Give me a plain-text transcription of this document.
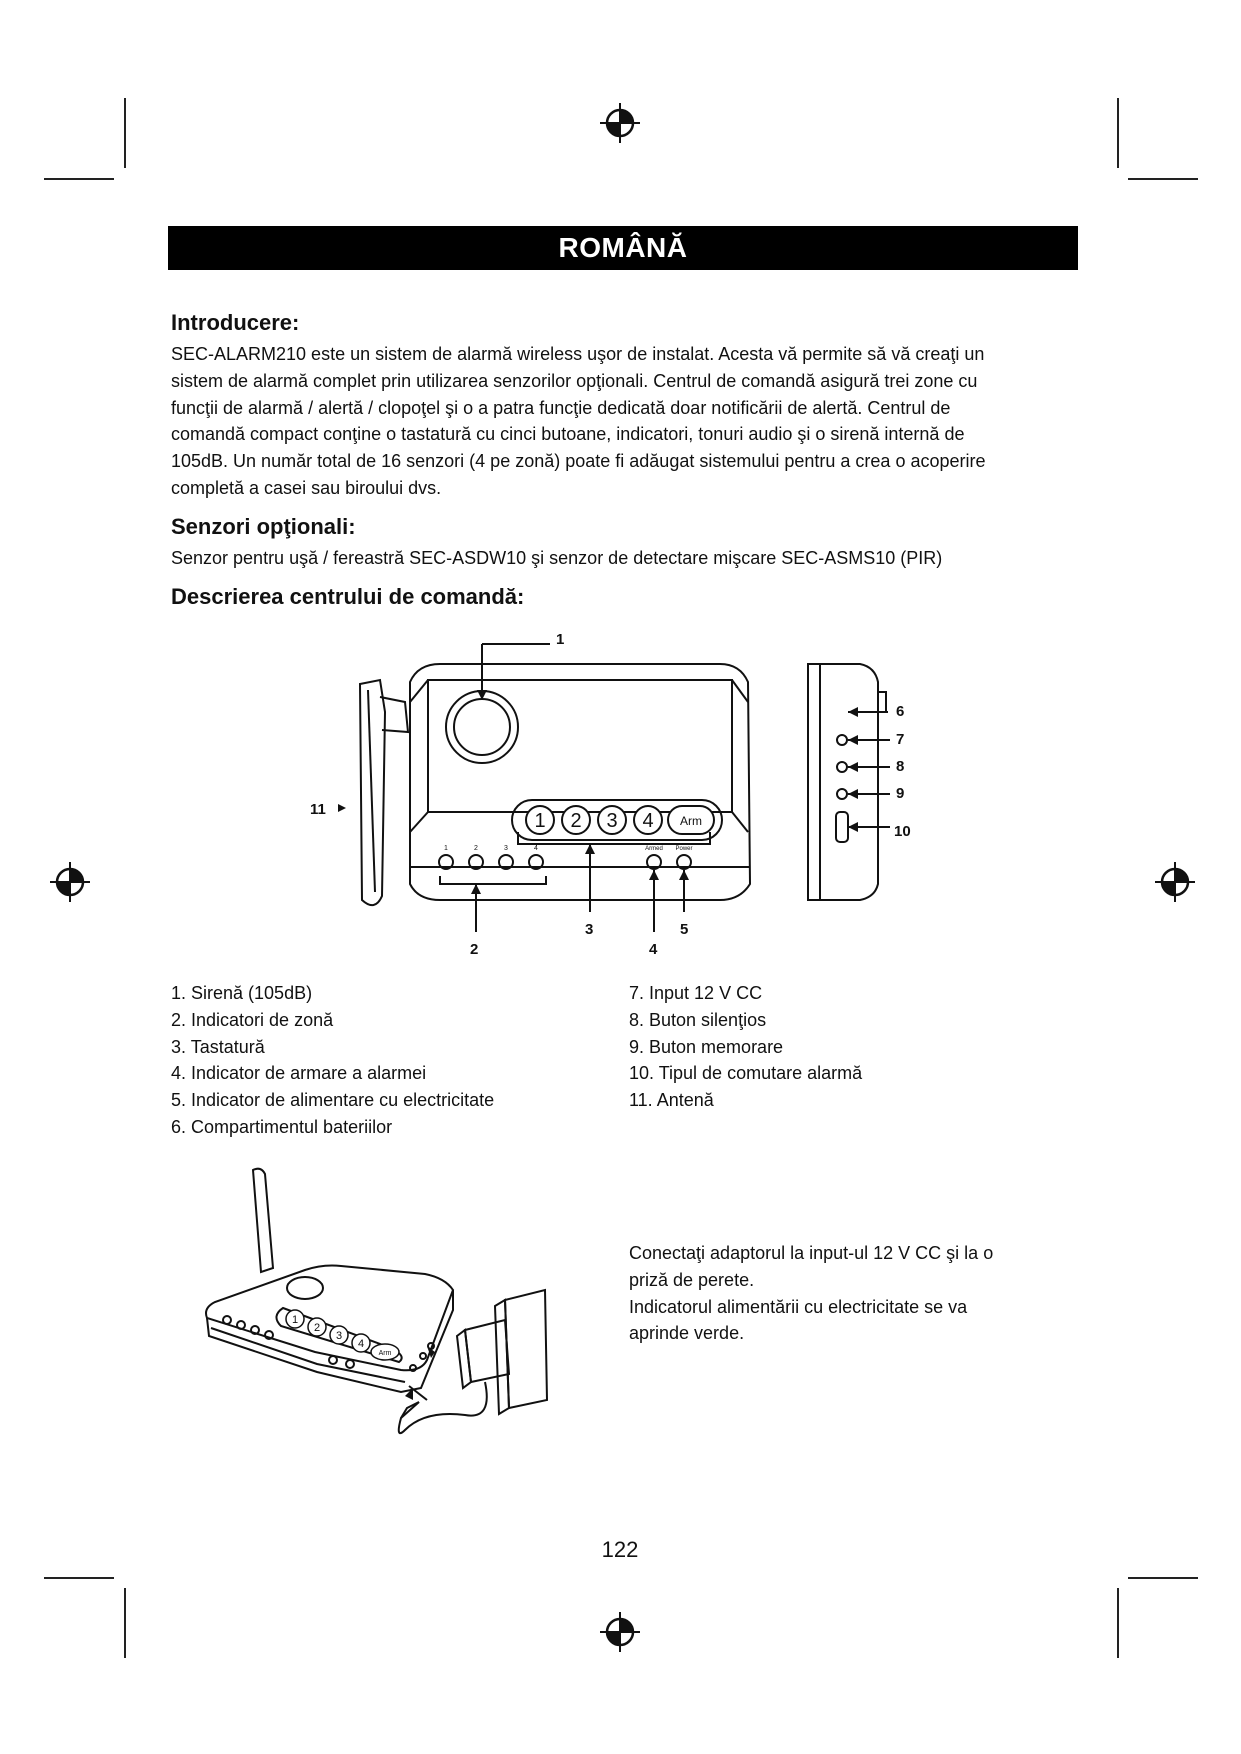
ROMÂNĂ
Introducere:
SEC-ALARM210 este un sistem de alarmă wireless uşor de instalat. Acesta vă permite să vă creaţi un
sistem de alarmă complet prin utilizarea senzorilor opţionali. Centrul de comandă asigură trei zone cu
funcţii de alarmă / alertă / clopoţel şi o a patra funcţie dedicată doar notificării de alertă. Centrul de
comandă compact conţine o tastatură cu cinci butoane, indicatori, tonuri audio şi o sirenă internă de
105dB. Un număr total de 16 senzori (4 pe zonă) poate fi adăugat sistemului pentru a crea o acoperire
completă a casei sau biroului dvs.
Senzori opţionali:

Senzor pentru uşă / fereastră SEC-ASDW10 şi senzor de detectare mişcare SEC-ASMS10 (PIR)

Descrierea centrului de comandă:
1
2
3
4
5
6
7
8
9
10
11
1 2 3 4 Arm
1	2	3	4	Armed Power
1. Sirenă (105dB)
2. Indicatori de zonă
3. Tastatură
4. Indicator de armare a alarmei
5. Indicator de alimentare cu electricitate
6. Compartimentul bateriilor
7. Input 12 V CC
8. Buton silenţios
9. Buton memorare
10. Tipul de comutare alarmă
11. Antenă
1
2
3
4
Arm
Conectaţi adaptorul la input-ul 12 V CC şi la o
priză de perete.
Indicatorul alimentării cu electricitate se va
aprinde verde.
122
